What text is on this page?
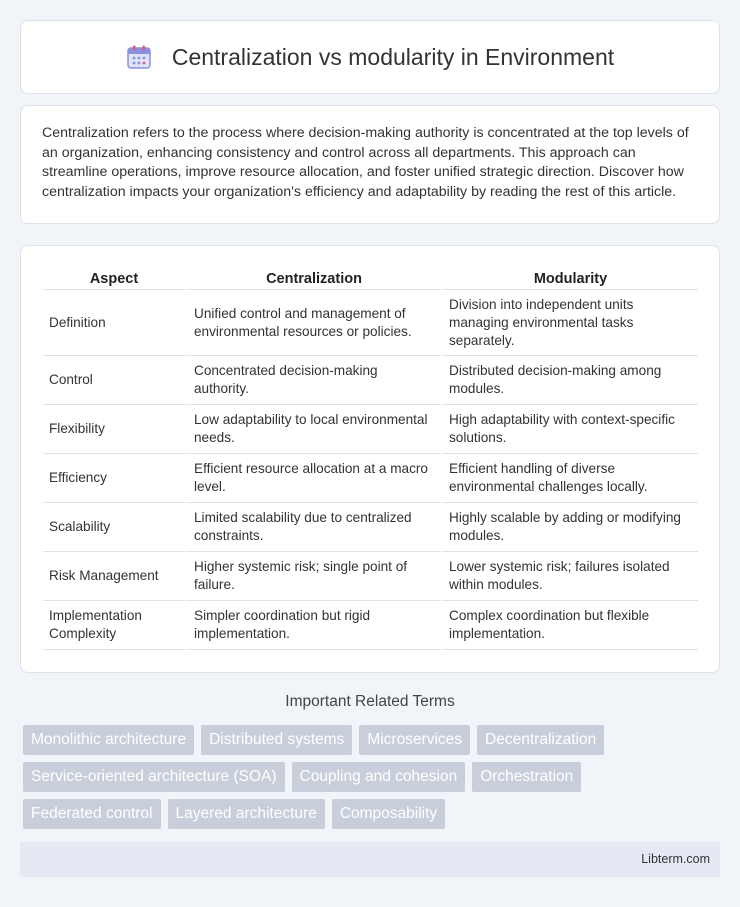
Centralization vs modularity in Environment

Centralization refers to the process where decision-making authority is concentrated at the top levels of an organization, enhancing consistency and control across all departments. This approach can streamline operations, improve resource allocation, and foster unified strategic direction. Discover how centralization impacts your organization's efficiency and adaptability by reading the rest of this article.

Aspect	Centralization	Modularity
Definition	Unified control and management of environmental resources or policies.	Division into independent units managing environmental tasks separately.
Control	Concentrated decision-making authority.	Distributed decision-making among modules.
Flexibility	Low adaptability to local environmental needs.	High adaptability with context-specific solutions.
Efficiency	Efficient resource allocation at a macro level.	Efficient handling of diverse environmental challenges locally.
Scalability	Limited scalability due to centralized constraints.	Highly scalable by adding or modifying modules.
Risk Management	Higher systemic risk; single point of failure.	Lower systemic risk; failures isolated within modules.
Implementation Complexity	Simpler coordination but rigid implementation.	Complex coordination but flexible implementation.
Important Related Terms
Monolithic architecture	Distributed systems	Microservices	Decentralization
Service-oriented architecture (SOA)	Coupling and cohesion	Orchestration
Federated control	Layered architecture	Composability
Libterm.com
